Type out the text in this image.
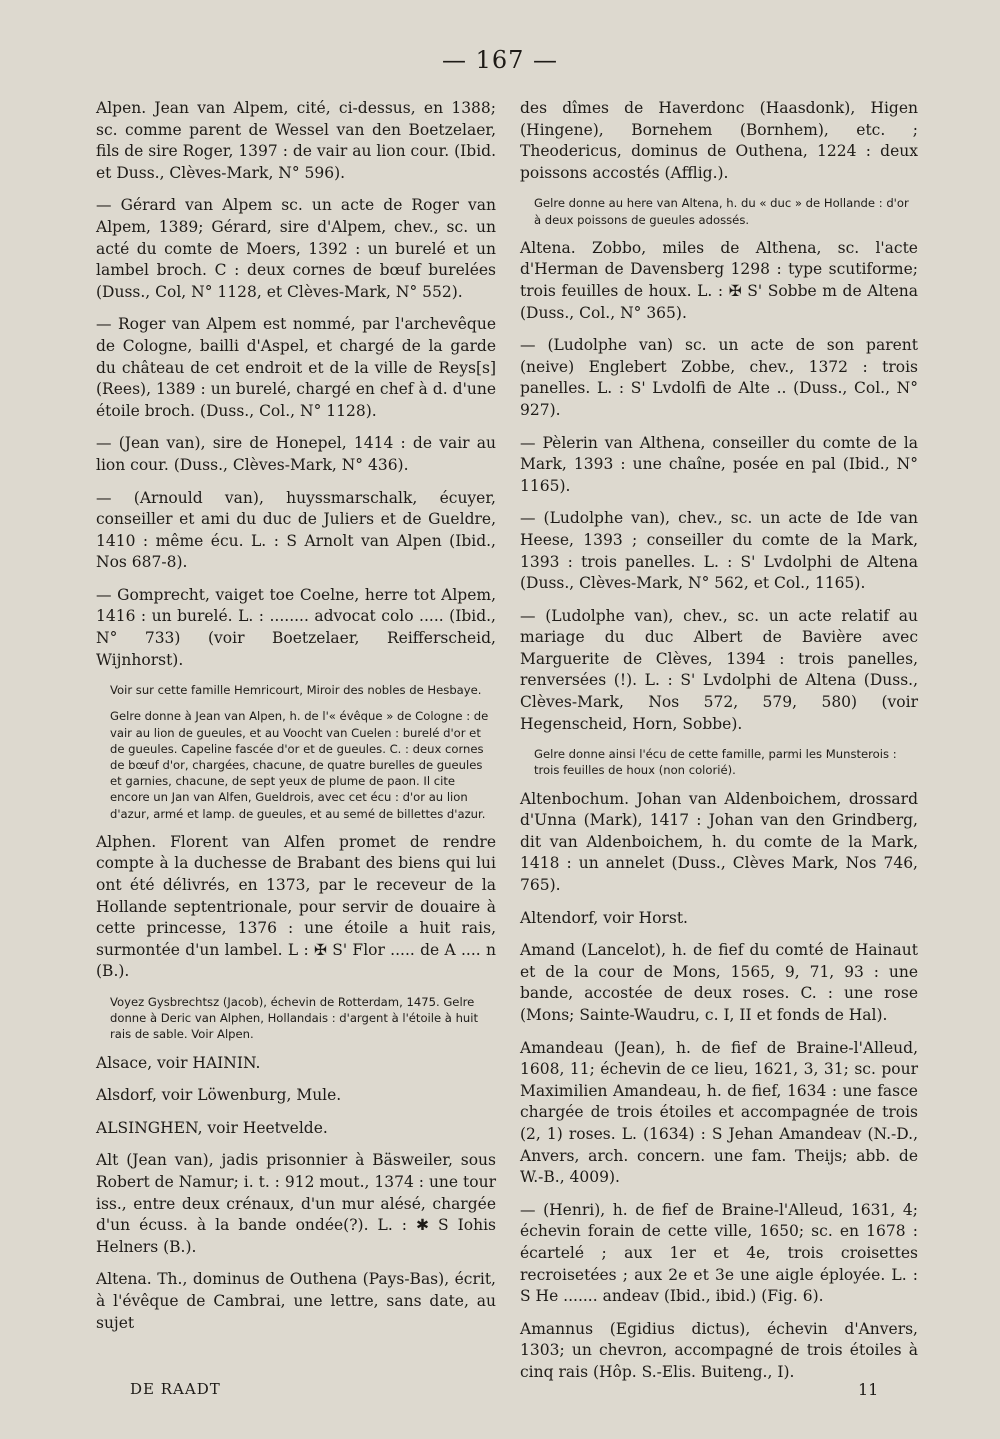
— 167 —

Alpen. Jean van Alpem, cité, ci-dessus, en 1388; sc. comme parent de Wessel van den Boetzelaer, fils de sire Roger, 1397 : de vair au lion cour. (Ibid. et Duss., Clèves-Mark, N° 596).

— Gérard van Alpem sc. un acte de Roger van Alpem, 1389; Gérard, sire d'Alpem, chev., sc. un acté du comte de Moers, 1392 : un burelé et un lambel broch. C : deux cornes de bœuf burelées (Duss., Col, N° 1128, et Clèves-Mark, N° 552).

— Roger van Alpem est nommé, par l'archevêque de Cologne, bailli d'Aspel, et chargé de la garde du château de cet endroit et de la ville de Reys[s] (Rees), 1389 : un burelé, chargé en chef à d. d'une étoile broch. (Duss., Col., N° 1128).

— (Jean van), sire de Honepel, 1414 : de vair au lion cour. (Duss., Clèves-Mark, N° 436).

— (Arnould van), huyssmarschalk, écuyer, conseiller et ami du duc de Juliers et de Gueldre, 1410 : même écu. L. : S Arnolt van Alpen (Ibid., Nos 687-8).

— Gomprecht, vaiget toe Coelne, herre tot Alpem, 1416 : un burelé. L. : ........ advocat colo ..... (Ibid., N° 733) (voir Boetzelaer, Reifferscheid, Wijnhorst).

Voir sur cette famille Hemricourt, Miroir des nobles de Hesbaye.

Gelre donne à Jean van Alpen, h. de l'« évêque » de Cologne : de vair au lion de gueules, et au Voocht van Cuelen : burelé d'or et de gueules. Capeline fascée d'or et de gueules. C. : deux cornes de bœuf d'or, chargées, chacune, de quatre burelles de gueules et garnies, chacune, de sept yeux de plume de paon. Il cite encore un Jan van Alfen, Gueldrois, avec cet écu : d'or au lion d'azur, armé et lamp. de gueules, et au semé de billettes d'azur.

Alphen. Florent van Alfen promet de rendre compte à la duchesse de Brabant des biens qui lui ont été délivrés, en 1373, par le receveur de la Hollande septentrionale, pour servir de douaire à cette princesse, 1376 : une étoile a huit rais, surmontée d'un lambel. L : ✠ S' Flor ..... de A .... n (B.).

Voyez Gysbrechtsz (Jacob), échevin de Rotterdam, 1475. Gelre donne à Deric van Alphen, Hollandais : d'argent à l'étoile à huit rais de sable. Voir Alpen.

Alsace, voir HAININ.

Alsdorf, voir Löwenburg, Mule.

ALSINGHEN, voir Heetvelde.

Alt (Jean van), jadis prisonnier à Bäsweiler, sous Robert de Namur; i. t. : 912 mout., 1374 : une tour iss., entre deux crénaux, d'un mur alésé, chargée d'un écuss. à la bande ondée(?). L. : ✱ S Iohis Helners (B.).

Altena. Th., dominus de Outhena (Pays-Bas), écrit, à l'évêque de Cambrai, une lettre, sans date, au sujet

des dîmes de Haverdonc (Haasdonk), Higen (Hingene), Bornehem (Bornhem), etc. ; Theodericus, dominus de Outhena, 1224 : deux poissons accostés (Afflig.).

Gelre donne au here van Altena, h. du « duc » de Hollande : d'or à deux poissons de gueules adossés.

Altena. Zobbo, miles de Althena, sc. l'acte d'Herman de Davensberg 1298 : type scutiforme; trois feuilles de houx. L. : ✠ S' Sobbe m de Altena (Duss., Col., N° 365).

— (Ludolphe van) sc. un acte de son parent (neive) Englebert Zobbe, chev., 1372 : trois panelles. L. : S' Lvdolfi de Alte .. (Duss., Col., N° 927).

— Pèlerin van Althena, conseiller du comte de la Mark, 1393 : une chaîne, posée en pal (Ibid., N° 1165).

— (Ludolphe van), chev., sc. un acte de Ide van Heese, 1393 ; conseiller du comte de la Mark, 1393 : trois panelles. L. : S' Lvdolphi de Altena (Duss., Clèves-Mark, N° 562, et Col., 1165).

— (Ludolphe van), chev., sc. un acte relatif au mariage du duc Albert de Bavière avec Marguerite de Clèves, 1394 : trois panelles, renversées (!). L. : S' Lvdolphi de Altena (Duss., Clèves-Mark, Nos 572, 579, 580) (voir Hegenscheid, Horn, Sobbe).

Gelre donne ainsi l'écu de cette famille, parmi les Munsterois : trois feuilles de houx (non colorié).

Altenbochum. Johan van Aldenboichem, drossard d'Unna (Mark), 1417 : Johan van den Grindberg, dit van Aldenboichem, h. du comte de la Mark, 1418 : un annelet (Duss., Clèves Mark, Nos 746, 765).

Altendorf, voir Horst.

Amand (Lancelot), h. de fief du comté de Hainaut et de la cour de Mons, 1565, 9, 71, 93 : une bande, accostée de deux roses. C. : une rose (Mons; Sainte-Waudru, c. I, II et fonds de Hal).

Amandeau (Jean), h. de fief de Braine-l'Alleud, 1608, 11; échevin de ce lieu, 1621, 3, 31; sc. pour Maximilien Amandeau, h. de fief, 1634 : une fasce chargée de trois étoiles et accompagnée de trois (2, 1) roses. L. (1634) : S Jehan Amandeav (N.-D., Anvers, arch. concern. une fam. Theijs; abb. de W.-B., 4009).

— (Henri), h. de fief de Braine-l'Alleud, 1631, 4; échevin forain de cette ville, 1650; sc. en 1678 : écartelé ; aux 1er et 4e, trois croisettes recroisetées ; aux 2e et 3e une aigle éployée. L. : S He ....... andeav (Ibid., ibid.) (Fig. 6).

Amannus (Egidius dictus), échevin d'Anvers, 1303; un chevron, accompagné de trois étoiles à cinq rais (Hôp. S.-Elis. Buiteng., I).

DE RAADT	11
